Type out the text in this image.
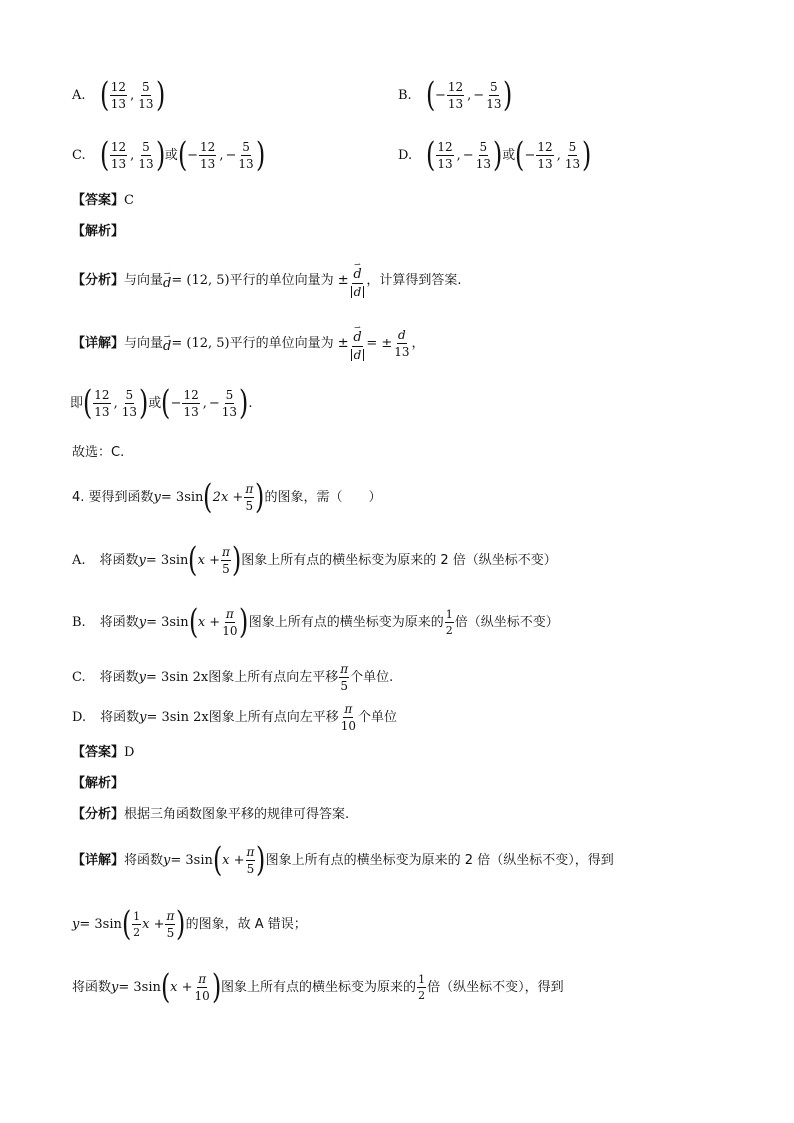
A. ( $\frac{12}{13}$ , $\frac{5}{13}$ )	B. ( − $\frac{12}{13}$ , − $\frac{5}{13}$ )
C. ( $\frac{12}{13}$ , $\frac{5}{13}$ ) 或 ( − $\frac{12}{13}$ , − $\frac{5}{13}$ )	D. ( $\frac{12}{13}$ , − $\frac{5}{13}$ ) 或 ( − $\frac{12}{13}$ , $\frac{5}{13}$ )
【答案】 C
【解析】
【分析】 与向量 ⇀
d = (12, 5) 平行的单位向量为 ± ⇀
d
d ，计算得到答案.
【详解】 与向量 ⇀
d = (12, 5) 平行的单位向量为 ± ⇀
d
d = ± $\frac{d}{13}$ ，
即 ( $\frac{12}{13}$ , $\frac{5}{13}$ ) 或 ( − $\frac{12}{13}$ , − $\frac{5}{13}$ ) .
故选：C.
4. 要得到函数 y = 3sin ( $2x + \frac{\pi}{5}$ ) 的图象，需（　　）
A. 将函数 y = 3sin ( $x + \frac{\pi}{5}$ ) 图象上所有点的横坐标变为原来的 2 倍（纵坐标不变）
B. 将函数 y = 3sin ( $x + \frac{\pi}{10}$ ) 图象上所有点的横坐标变为原来的 $\frac{1}{2}$ 倍（纵坐标不变）
C. 将函数 y = 3sin 2x 图象上所有点向左平移 $\frac{\pi}{5}$ 个单位.
D. 将函数 y = 3sin 2x 图象上所有点向左平移 $\frac{\pi}{10}$ 个单位
【答案】 D
【解析】
【分析】 根据三角函数图象平移的规律可得答案.
【详解】 将函数 y = 3sin ( $x + \frac{\pi}{5}$ ) 图象上所有点的横坐标变为原来的 2 倍（纵坐标不变），得到
y = 3sin ( $\frac{1}{2}$ $x + \frac{\pi}{5}$ ) 的图象，故 A 错误；
将函数 y = 3sin ( $x + \frac{\pi}{10}$ ) 图象上所有点的横坐标变为原来的 $\frac{1}{2}$ 倍（纵坐标不变），得到
